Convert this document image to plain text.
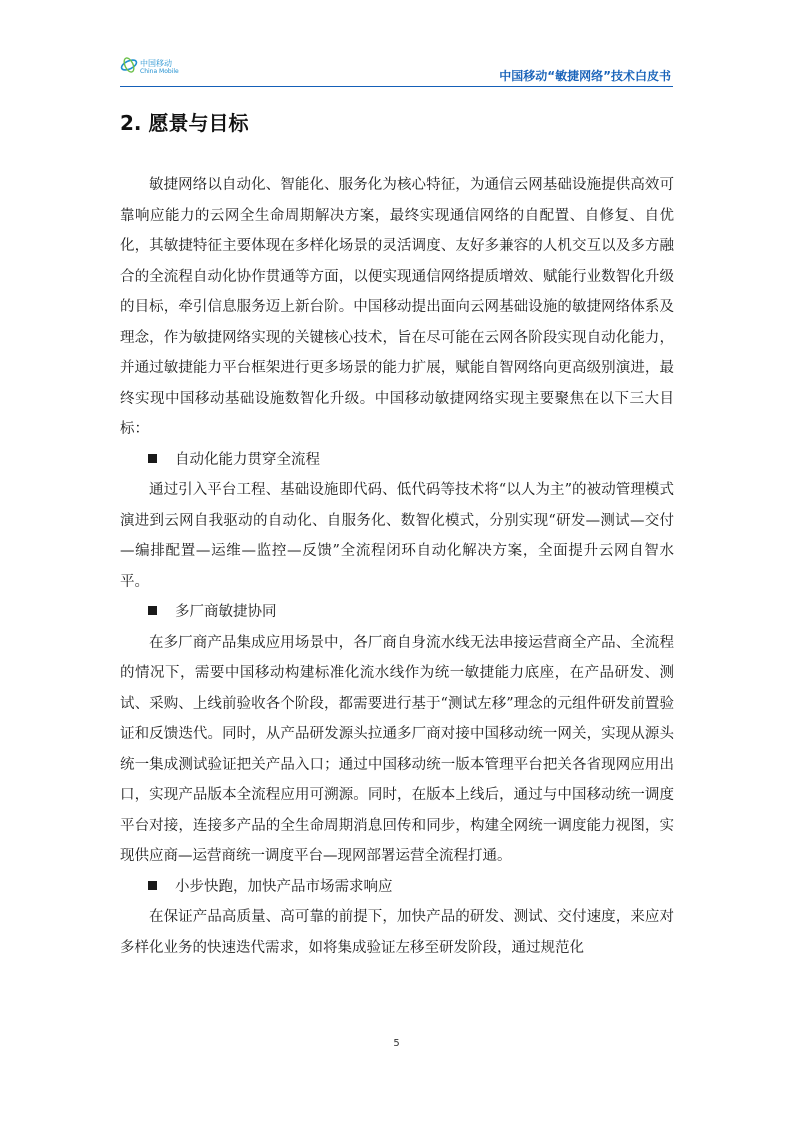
中国移动
China Mobile	中国移动“敏捷网络”技术白皮书
2. 愿景与目标

敏捷网络以自动化、智能化、服务化为核心特征，为通信云网基础设施提供高效可靠响应能力的云网全生命周期解决方案，最终实现通信网络的自配置、自修复、自优化，其敏捷特征主要体现在多样化场景的灵活调度、友好多兼容的人机交互以及多方融合的全流程自动化协作贯通等方面，以便实现通信网络提质增效、赋能行业数智化升级的目标，牵引信息服务迈上新台阶。中国移动提出面向云网基础设施的敏捷网络体系及理念，作为敏捷网络实现的关键核心技术，旨在尽可能在云网各阶段实现自动化能力，并通过敏捷能力平台框架进行更多场景的能力扩展，赋能自智网络向更高级别演进，最终实现中国移动基础设施数智化升级。中国移动敏捷网络实现主要聚焦在以下三大目标：

自动化能力贯穿全流程

通过引入平台工程、基础设施即代码、低代码等技术将“以人为主”的被动管理模式演进到云网自我驱动的自动化、自服务化、数智化模式，分别实现“研发—测试—交付—编排配置—运维—监控—反馈”全流程闭环自动化解决方案，全面提升云网自智水平。

多厂商敏捷协同

在多厂商产品集成应用场景中，各厂商自身流水线无法串接运营商全产品、全流程的情况下，需要中国移动构建标准化流水线作为统一敏捷能力底座，在产品研发、测试、采购、上线前验收各个阶段，都需要进行基于“测试左移”理念的元组件研发前置验证和反馈迭代。同时，从产品研发源头拉通多厂商对接中国移动统一网关，实现从源头统一集成测试验证把关产品入口；通过中国移动统一版本管理平台把关各省现网应用出口，实现产品版本全流程应用可溯源。同时，在版本上线后，通过与中国移动统一调度平台对接，连接多产品的全生命周期消息回传和同步，构建全网统一调度能力视图，实现供应商—运营商统一调度平台—现网部署运营全流程打通。

小步快跑，加快产品市场需求响应

在保证产品高质量、高可靠的前提下，加快产品的研发、测试、交付速度，来应对多样化业务的快速迭代需求，如将集成验证左移至研发阶段，通过规范化

5
